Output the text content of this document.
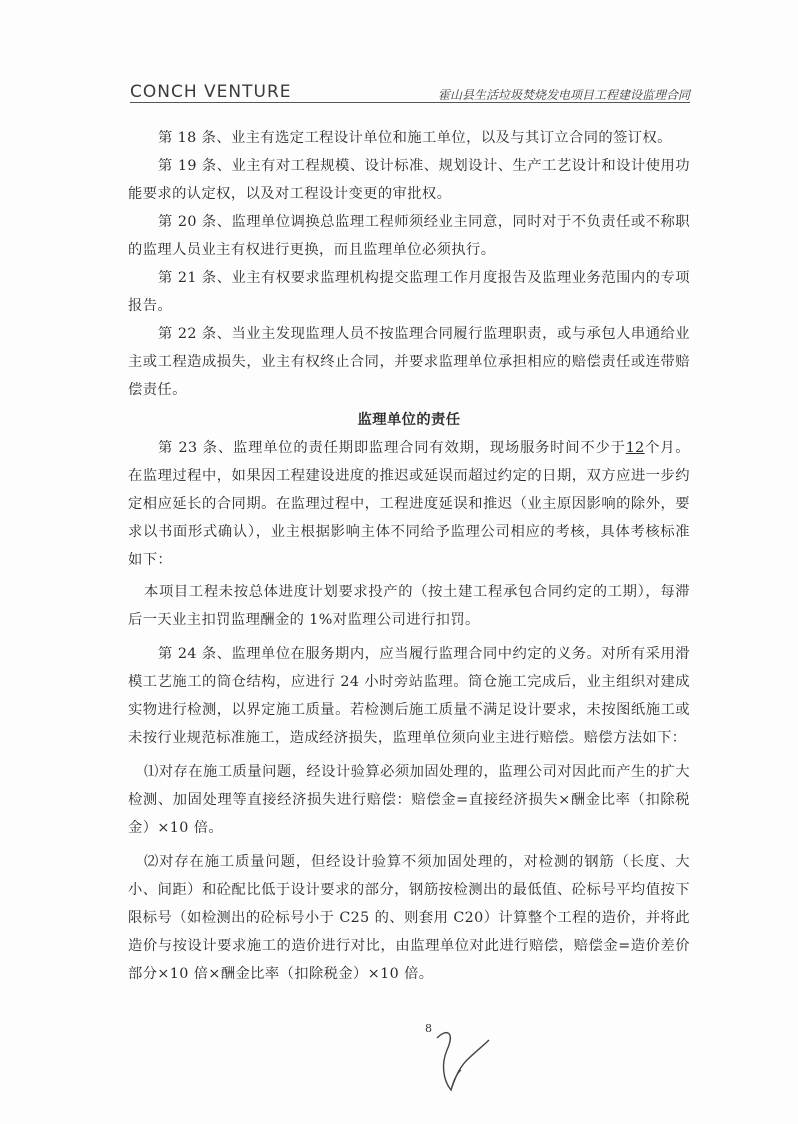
CONCH VENTURE	霍山县生活垃圾焚烧发电项目工程建设监理合同

第 18 条、业主有选定工程设计单位和施工单位，以及与其订立合同的签订权。

第 19 条、业主有对工程规模、设计标准、规划设计、生产工艺设计和设计使用功能要求的认定权，以及对工程设计变更的审批权。

第 20 条、监理单位调换总监理工程师须经业主同意，同时对于不负责任或不称职的监理人员业主有权进行更换，而且监理单位必须执行。

第 21 条、业主有权要求监理机构提交监理工作月度报告及监理业务范围内的专项报告。

第 22 条、当业主发现监理人员不按监理合同履行监理职责，或与承包人串通给业主或工程造成损失，业主有权终止合同，并要求监理单位承担相应的赔偿责任或连带赔偿责任。

监理单位的责任

第 23 条、监理单位的责任期即监理合同有效期，现场服务时间不少于12个月。在监理过程中，如果因工程建设进度的推迟或延误而超过约定的日期，双方应进一步约定相应延长的合同期。在监理过程中，工程进度延误和推迟（业主原因影响的除外，要求以书面形式确认），业主根据影响主体不同给予监理公司相应的考核，具体考核标准如下：

本项目工程未按总体进度计划要求投产的（按土建工程承包合同约定的工期），每滞后一天业主扣罚监理酬金的 1%对监理公司进行扣罚。

第 24 条、监理单位在服务期内，应当履行监理合同中约定的义务。对所有采用滑模工艺施工的筒仓结构，应进行 24 小时旁站监理。筒仓施工完成后，业主组织对建成实物进行检测，以界定施工质量。若检测后施工质量不满足设计要求，未按图纸施工或未按行业规范标准施工，造成经济损失，监理单位须向业主进行赔偿。赔偿方法如下：

⑴对存在施工质量问题，经设计验算必须加固处理的，监理公司对因此而产生的扩大检测、加固处理等直接经济损失进行赔偿：赔偿金=直接经济损失×酬金比率（扣除税金）×10 倍。

⑵对存在施工质量问题，但经设计验算不须加固处理的，对检测的钢筋（长度、大小、间距）和砼配比低于设计要求的部分，钢筋按检测出的最低值、砼标号平均值按下限标号（如检测出的砼标号小于 C25 的、则套用 C20）计算整个工程的造价，并将此造价与按设计要求施工的造价进行对比，由监理单位对此进行赔偿，赔偿金=造价差价部分×10 倍×酬金比率（扣除税金）×10 倍。

8
